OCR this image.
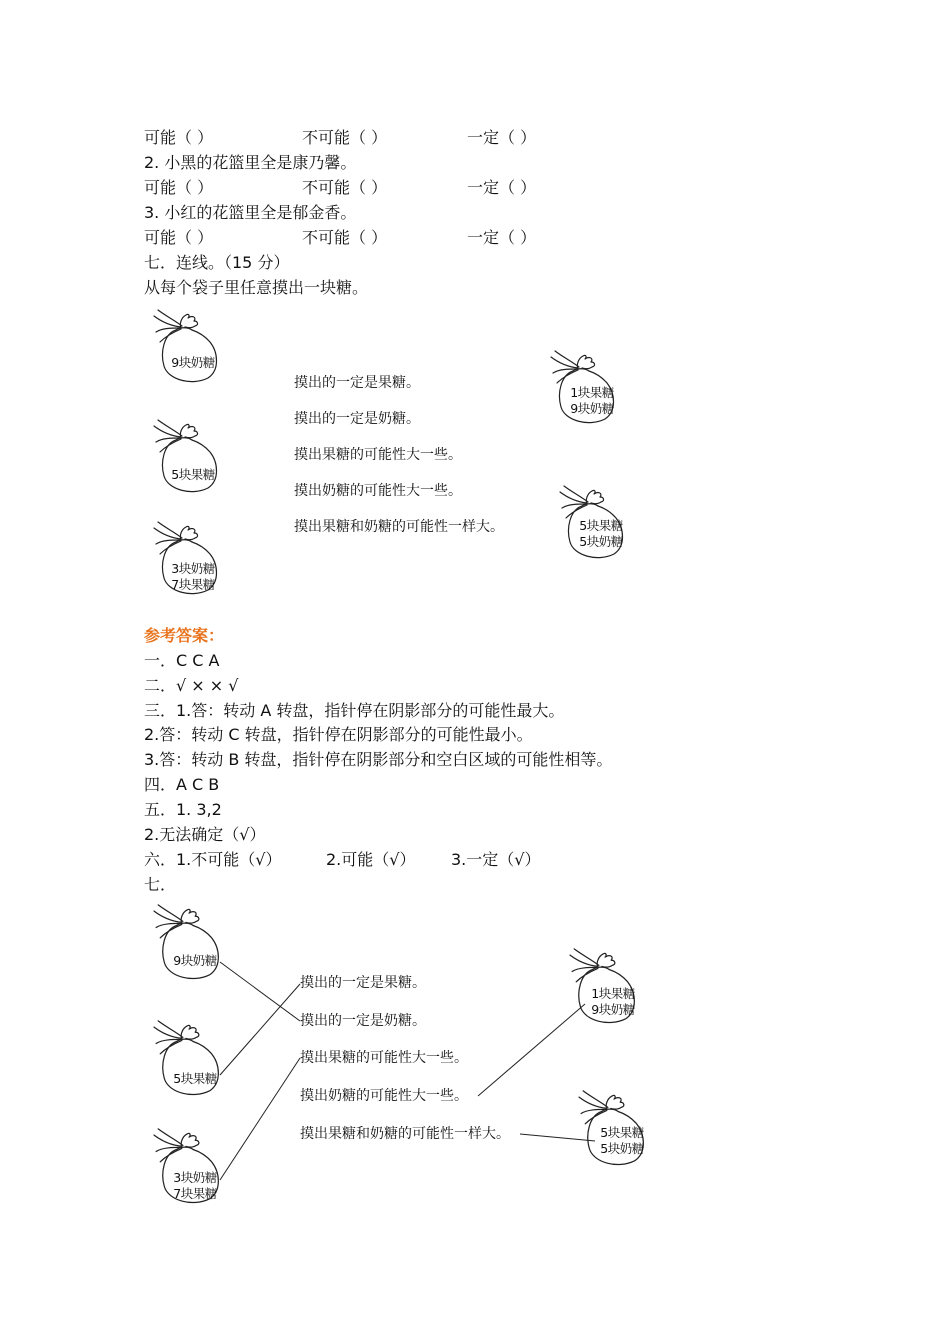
可能（ ）	不可能（ ）	一定（ ）
2. 小黑的花篮里全是康乃馨。
可能（ ）	不可能（ ）	一定（ ）
3. 小红的花篮里全是郁金香。
可能（ ）	不可能（ ）	一定（ ）
七．连线。（15 分）
从每个袋子里任意摸出一块糖。
9块奶糖
5块果糖
3块奶糖
7块果糖
1块果糖
9块奶糖
5块果糖
5块奶糖
摸出的一定是果糖。
摸出的一定是奶糖。
摸出果糖的可能性大一些。
摸出奶糖的可能性大一些。
摸出果糖和奶糖的可能性一样大。
参考答案：
一．C C A
二．√ × × √
三．1.答：转动 A 转盘，指针停在阴影部分的可能性最大。
2.答：转动 C 转盘，指针停在阴影部分的可能性最小。
3.答：转动 B 转盘，指针停在阴影部分和空白区域的可能性相等。
四．A C B
五．1. 3,2
2.无法确定（√）
六．1.不可能（√）	2.可能（√） 3.一定（√）
七．
9块奶糖
5块果糖
3块奶糖
7块果糖
1块果糖
9块奶糖
5块果糖
5块奶糖
摸出的一定是果糖。
摸出的一定是奶糖。
摸出果糖的可能性大一些。
摸出奶糖的可能性大一些。
摸出果糖和奶糖的可能性一样大。
